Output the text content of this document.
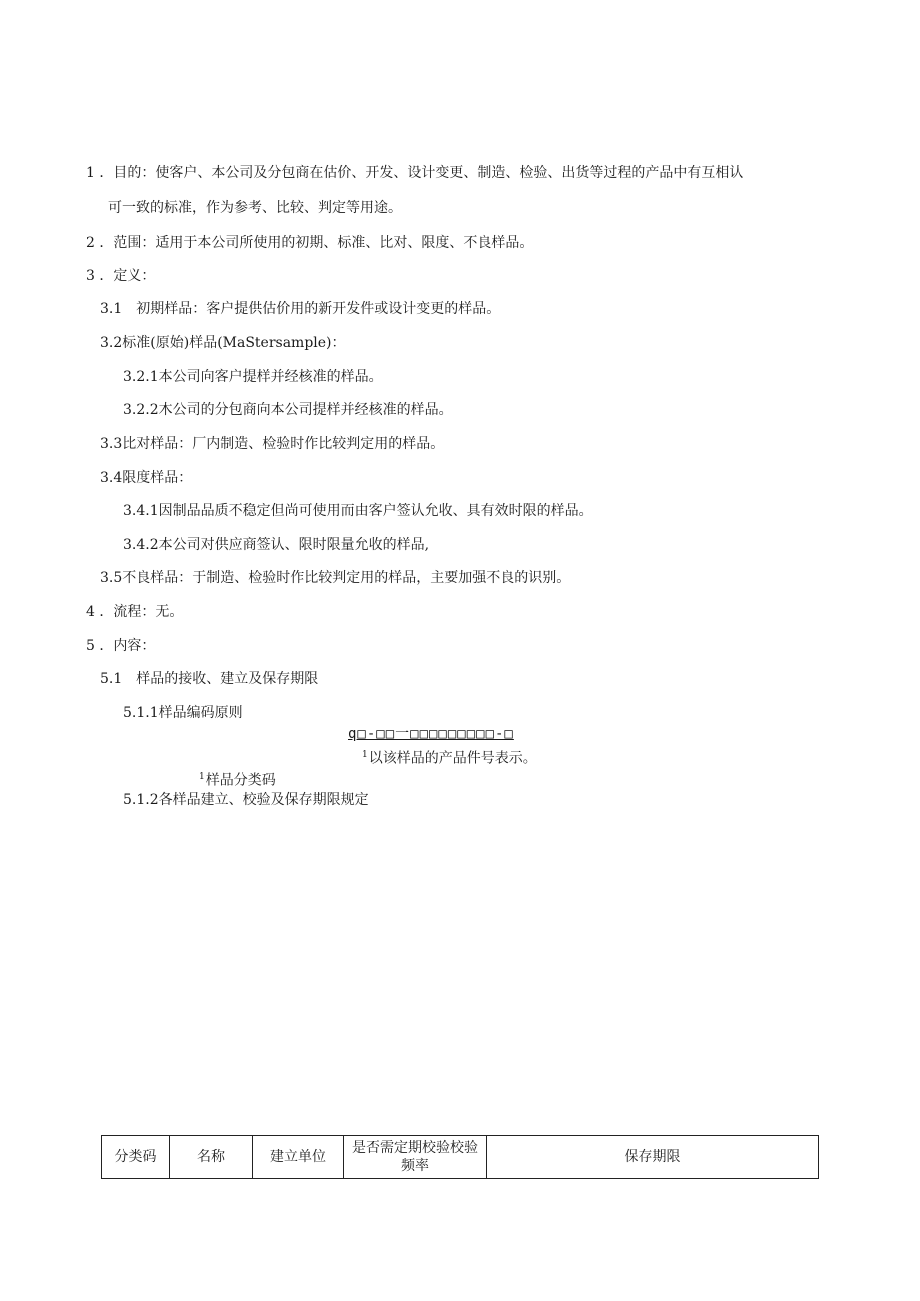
1 ．目的：使客户、本公司及分包商在估价、开发、设计变更、制造、检验、出货等过程的产品中有互相认
可一致的标准，作为参考、比较、判定等用途。
2 ．范围：适用于本公司所使用的初期、标准、比对、限度、不良样品。
3 ．定义：
3.1　初期样品：客户提供估价用的新开发件或设计变更的样品。
3.2标准(原始)样品(MaStersample)：
3.2.1本公司向客户提样并经核准的样品。
3.2.2木公司的分包商向本公司提样并经核准的样品。
3.3比对样品：厂内制造、检验时作比较判定用的样品。
3.4限度样品：
3.4.1因制品品质不稳定但尚可使用而由客户签认允收、具有效时限的样品。
3.4.2本公司对供应商签认、限时限量允收的样品,
3.5不良样品：于制造、检验时作比较判定用的样品，主要加强不良的识别。
4 ．流程：无。
5 ．内容：
5.1　样品的接收、建立及保存期限
5.1.1样品编码原则
q□-□□一□□□□□□□□□-□
$^1$以该样品的产品件号表示。
$^1$样品分类码
5.1.2各样品建立、校验及保存期限规定
分类码	名称	建立单位	是否需定期校验校验频率	保存期限
